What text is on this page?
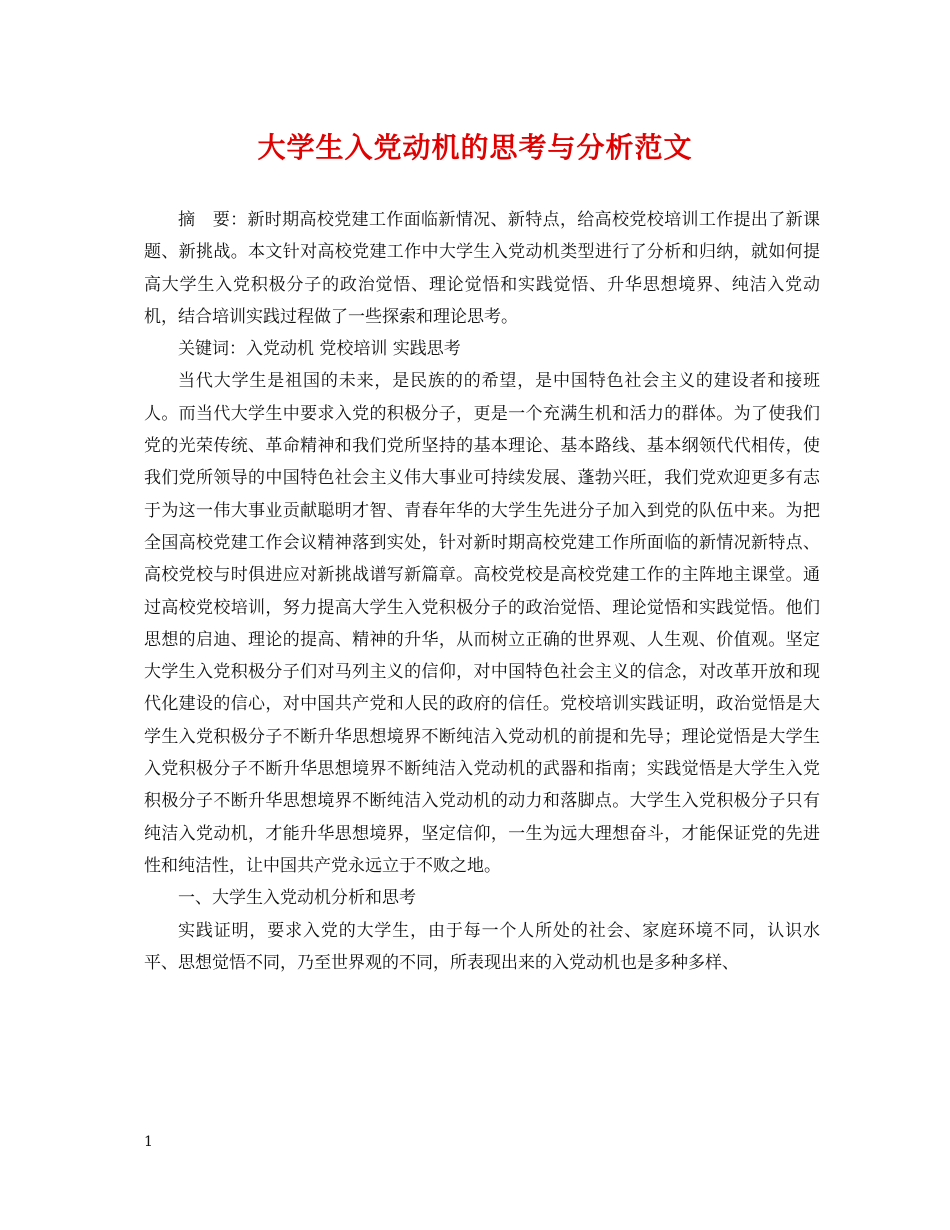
大学生入党动机的思考与分析范文

摘　要：新时期高校党建工作面临新情况、新特点，给高校党校培训工作提出了新课题、新挑战。本文针对高校党建工作中大学生入党动机类型进行了分析和归纳，就如何提高大学生入党积极分子的政治觉悟、理论觉悟和实践觉悟、升华思想境界、纯洁入党动机，结合培训实践过程做了一些探索和理论思考。

关键词：入党动机 党校培训 实践思考

当代大学生是祖国的未来，是民族的的希望，是中国特色社会主义的建设者和接班人。而当代大学生中要求入党的积极分子，更是一个充满生机和活力的群体。为了使我们党的光荣传统、革命精神和我们党所坚持的基本理论、基本路线、基本纲领代代相传，使我们党所领导的中国特色社会主义伟大事业可持续发展、蓬勃兴旺，我们党欢迎更多有志于为这一伟大事业贡献聪明才智、青春年华的大学生先进分子加入到党的队伍中来。为把全国高校党建工作会议精神落到实处，针对新时期高校党建工作所面临的新情况新特点、高校党校与时俱进应对新挑战谱写新篇章。高校党校是高校党建工作的主阵地主课堂。通过高校党校培训，努力提高大学生入党积极分子的政治觉悟、理论觉悟和实践觉悟。他们思想的启迪、理论的提高、精神的升华，从而树立正确的世界观、人生观、价值观。坚定大学生入党积极分子们对马列主义的信仰，对中国特色社会主义的信念，对改革开放和现代化建设的信心，对中国共产党和人民的政府的信任。党校培训实践证明，政治觉悟是大学生入党积极分子不断升华思想境界不断纯洁入党动机的前提和先导；理论觉悟是大学生入党积极分子不断升华思想境界不断纯洁入党动机的武器和指南；实践觉悟是大学生入党积极分子不断升华思想境界不断纯洁入党动机的动力和落脚点。大学生入党积极分子只有纯洁入党动机，才能升华思想境界，坚定信仰，一生为远大理想奋斗，才能保证党的先进性和纯洁性，让中国共产党永远立于不败之地。

一、大学生入党动机分析和思考

实践证明，要求入党的大学生，由于每一个人所处的社会、家庭环境不同，认识水平、思想觉悟不同，乃至世界观的不同，所表现出来的入党动机也是多种多样、

1
